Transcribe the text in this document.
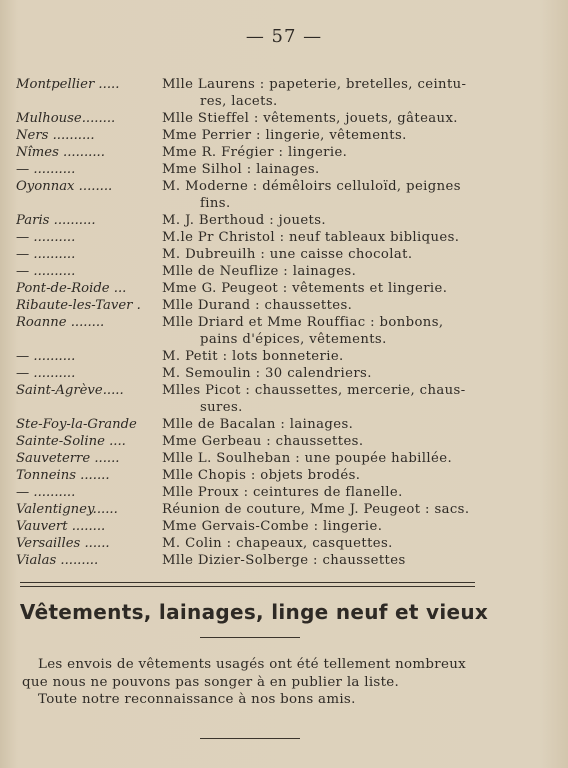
— 57 —
Montpellier .....	Mlle Laurens : papeterie, bretelles, ceintu-
res, lacets.
Mulhouse........	Mlle Stieffel : vêtements, jouets, gâteaux.
Ners ..........	Mme Perrier : lingerie, vêtements.
Nîmes ..........	Mme R. Frégier : lingerie.
— ..........	Mme Silhol : lainages.
Oyonnax ........	M. Moderne : démêloirs celluloïd, peignes
fins.
Paris ..........	M. J. Berthoud : jouets.
— ..........	M.le Pr Christol : neuf tableaux bibliques.
— ..........	M. Dubreuilh : une caisse chocolat.
— ..........	Mlle de Neuflize : lainages.
Pont-de-Roide ...	Mme G. Peugeot : vêtements et lingerie.
Ribaute-les-Taver .	Mlle Durand : chaussettes.
Roanne ........	Mlle Driard et Mme Rouffiac : bonbons,
pains d'épices, vêtements.
— ..........	M. Petit : lots bonneterie.
— ..........	M. Semoulin : 30 calendriers.
Saint-Agrève.....	Mlles Picot : chaussettes, mercerie, chaus-
sures.
Ste-Foy-la-Grande	Mlle de Bacalan : lainages.
Sainte-Soline ....	Mme Gerbeau : chaussettes.
Sauveterre ......	Mlle L. Soulheban : une poupée habillée.
Tonneins .......	Mlle Chopis : objets brodés.
— ..........	Mlle Proux : ceintures de flanelle.
Valentigney......	Réunion de couture, Mme J. Peugeot : sacs.
Vauvert ........	Mme Gervais-Combe : lingerie.
Versailles ......	M. Colin : chapeaux, casquettes.
Vialas .........	Mlle Dizier-Solberge : chaussettes
Vêtements, lainages, linge neuf et vieux
Les envois de vêtements usagés ont été tellement nombreux
que nous ne pouvons pas songer à en publier la liste.
Toute notre reconnaissance à nos bons amis.
